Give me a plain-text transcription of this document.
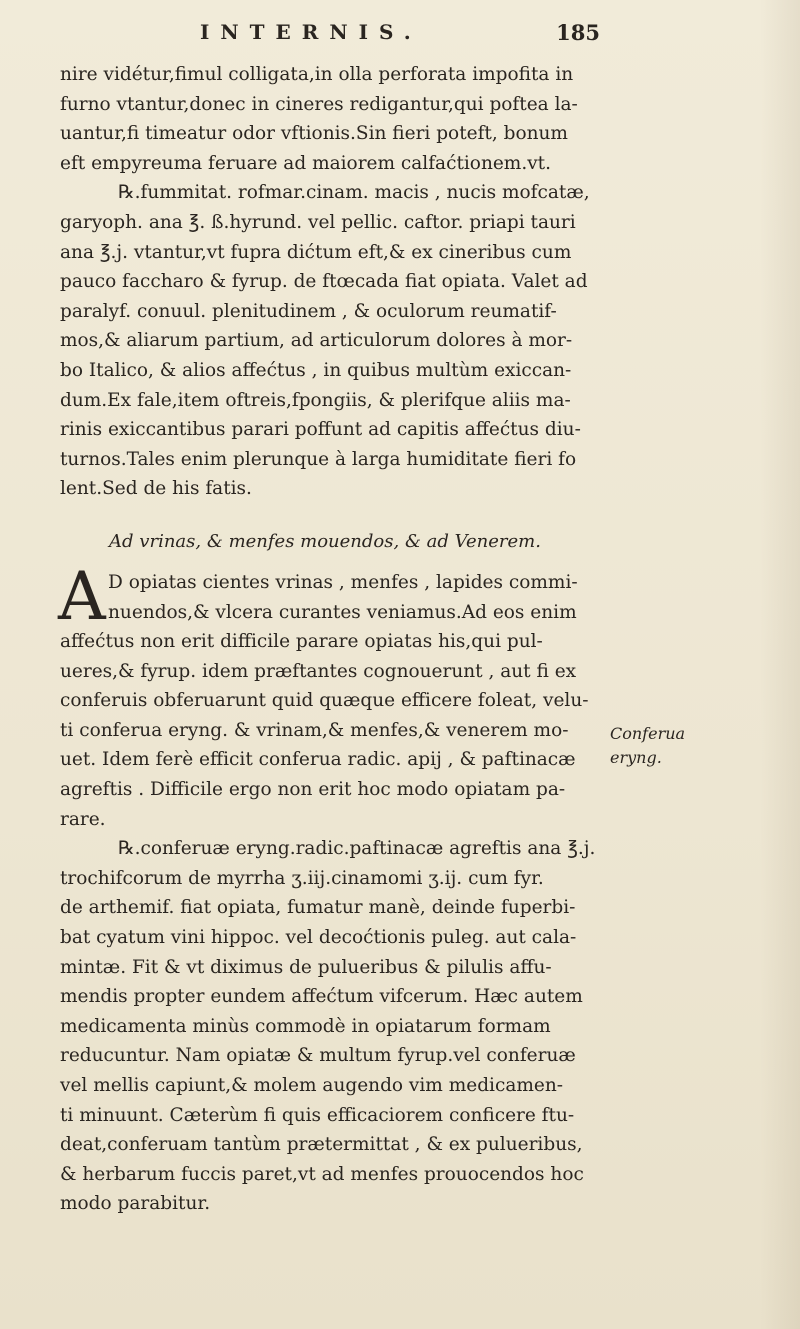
INTERNIS.	185
nire vidétur,fimul colligata,in olla perforata impofita in
furno vtantur,donec in cineres redigantur,qui poftea la-
uantur,fi timeatur odor vftionis.Sin fieri poteft, bonum
eft empyreuma feruare ad maiorem calfaćtionem.vt.
℞.fummitat. rofmar.cinam. macis , nucis mofcatæ,
garyoph. ana ℥. ß.hyrund. vel pellic. caftor. priapi tauri
ana ℥.j. vtantur,vt fupra dićtum eft,& ex cineribus cum
pauco faccharo & fyrup. de ftœcada fiat opiata. Valet ad
paralyf. conuul. plenitudinem , & oculorum reumatif-
mos,& aliarum partium, ad articulorum dolores à mor-
bo Italico, & alios affećtus , in quibus multùm exiccan-
dum.Ex fale,item oftreis,fpongiis, & plerifque aliis ma-
rinis exiccantibus parari poffunt ad capitis affećtus diu-
turnos.Tales enim plerunque à larga humiditate fieri fo
lent.Sed de his fatis.
Ad vrinas, & menfes mouendos, & ad Venerem.
A D opiatas cientes vrinas , menfes , lapides commi-
nuendos,& vlcera curantes veniamus.Ad eos enim
affećtus non erit difficile parare opiatas his,qui pul-
ueres,& fyrup. idem præftantes cognouerunt , aut fi ex
conferuis obferuarunt quid quæque efficere foleat, velu-
ti conferua eryng. & vrinam,& menfes,& venerem mo-
uet. Idem ferè efficit conferua radic. apij , & paftinacæ
agreftis . Difficile ergo non erit hoc modo opiatam pa-
rare.
℞.conferuæ eryng.radic.paftinacæ agreftis ana ℥.j.
trochifcorum de myrrha ʒ.iij.cinamomi ʒ.ij. cum fyr.
de arthemif. fiat opiata, fumatur manè, deinde fuperbi-
bat cyatum vini hippoc. vel decoćtionis puleg. aut cala-
mintæ. Fit & vt diximus de pulueribus & pilulis affu-
mendis propter eundem affećtum vifcerum. Hæc autem
medicamenta minùs commodè in opiatarum formam
reducuntur. Nam opiatæ & multum fyrup.vel conferuæ
vel mellis capiunt,& molem augendo vim medicamen-
ti minuunt. Cæterùm fi quis efficaciorem conficere ftu-
deat,conferuam tantùm prætermittat , & ex pulueribus,
& herbarum fuccis paret,vt ad menfes prouocendos hoc
modo parabitur.
Conferua
eryng.
